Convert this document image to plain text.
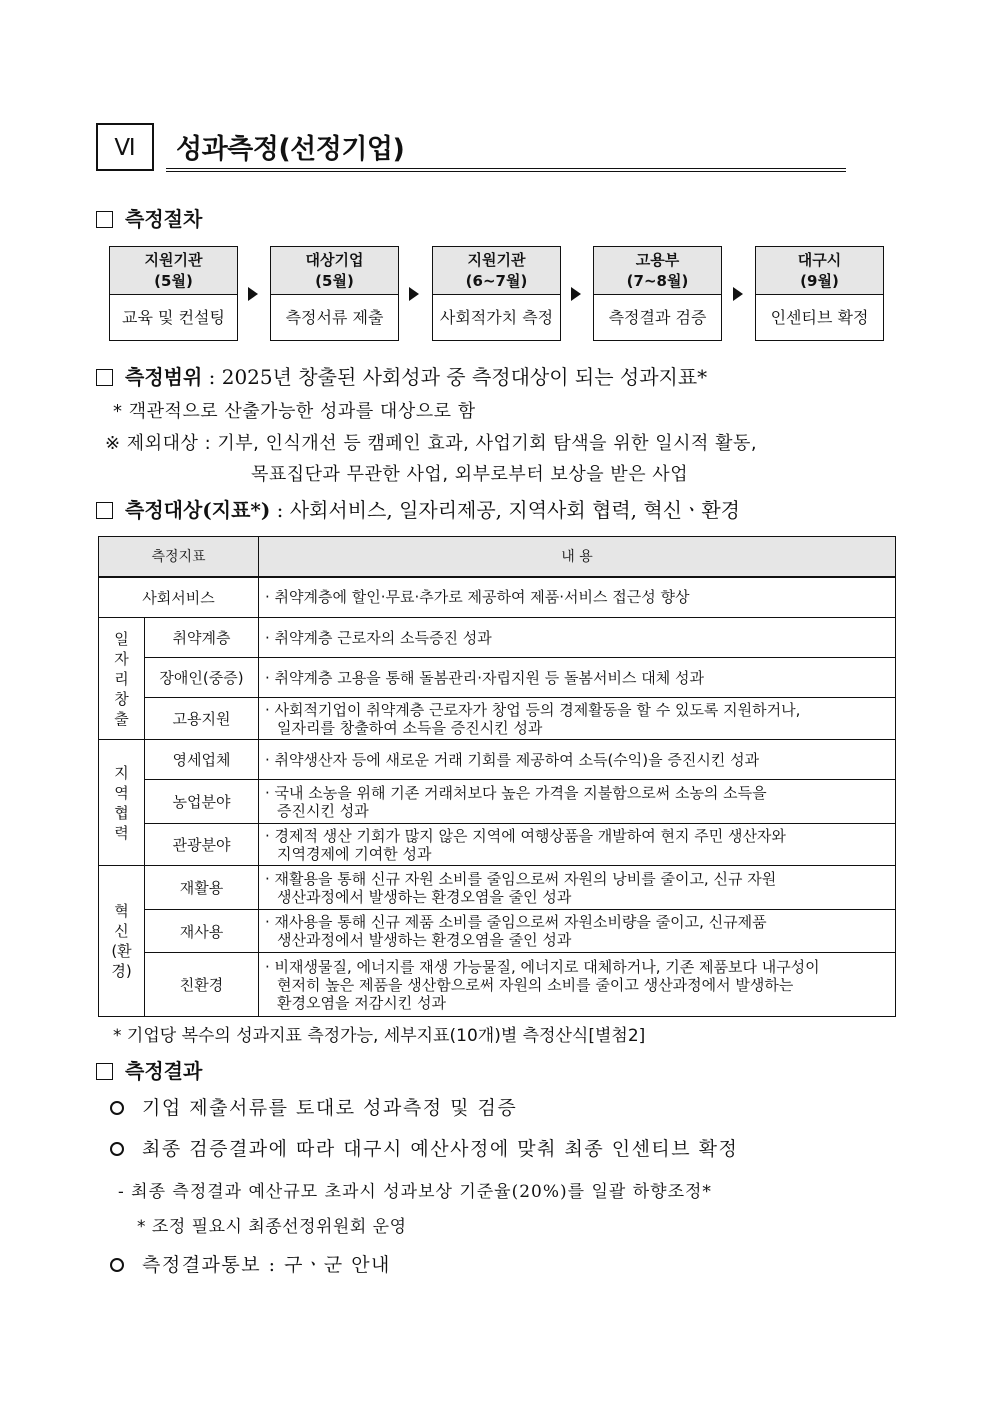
Ⅵ	성과측정(선정기업)
측정절차
지원기관
(5월)
교육 및 컨설팅
대상기업
(5월)
측정서류 제출
지원기관
(6~7월)
사회적가치 측정
고용부
(7~8월)
측정결과 검증
대구시
(9월)
인센티브 확정
측정범위 : 2025년 창출된 사회성과 중 측정대상이 되는 성과지표*
* 객관적으로 산출가능한 성과를 대상으로 함
※ 제외대상 : 기부, 인식개선 등 캠페인 효과, 사업기회 탐색을 위한 일시적 활동,
목표집단과 무관한 사업, 외부로부터 보상을 받은 사업
측정대상(지표*) : 사회서비스, 일자리제공, 지역사회 협력, 혁신ㆍ환경
측정지표		내 용
사회서비스		· 취약계층에 할인·무료·추가로 제공하여 제품·서비스 접근성 향상
일
자
리
창
출	취약계층	· 취약계층 근로자의 소득증진 성과

	장애인(중증)	· 취약계층 고용을 통해 돌봄관리·자립지원 등 돌봄서비스 대체 성과

	고용지원	· 사회적기업이 취약계층 근로자가 창업 등의 경제활동을 할 수 있도록 지원하거나,
일자리를 창출하여 소득을 증진시킨 성과

지
역
협
력	영세업체	· 취약생산자 등에 새로운 거래 기회를 제공하여 소득(수익)을 증진시킨 성과

	농업분야	· 국내 소농을 위해 기존 거래처보다 높은 가격을 지불함으로써 소농의 소득을
증진시킨 성과

	관광분야	· 경제적 생산 기회가 많지 않은 지역에 여행상품을 개발하여 현지 주민 생산자와
지역경제에 기여한 성과

혁
신
(환
경)	재활용	· 재활용을 통해 신규 자원 소비를 줄임으로써 자원의 낭비를 줄이고, 신규 자원
생산과정에서 발생하는 환경오염을 줄인 성과

	재사용	· 재사용을 통해 신규 제품 소비를 줄임으로써 자원소비량을 줄이고, 신규제품
생산과정에서 발생하는 환경오염을 줄인 성과

	친환경	· 비재생물질, 에너지를 재생 가능물질, 에너지로 대체하거나, 기존 제품보다 내구성이
현저히 높은 제품을 생산함으로써 자원의 소비를 줄이고 생산과정에서 발생하는
환경오염을 저감시킨 성과
* 기업당 복수의 성과지표 측정가능, 세부지표(10개)별 측정산식[별첨2]
측정결과
기업 제출서류를 토대로 성과측정 및 검증
최종 검증결과에 따라 대구시 예산사정에 맞춰 최종 인센티브 확정
- 최종 측정결과 예산규모 초과시 성과보상 기준율(20%)를 일괄 하향조정*
* 조정 필요시 최종선정위원회 운영
측정결과통보 : 구ㆍ군 안내
